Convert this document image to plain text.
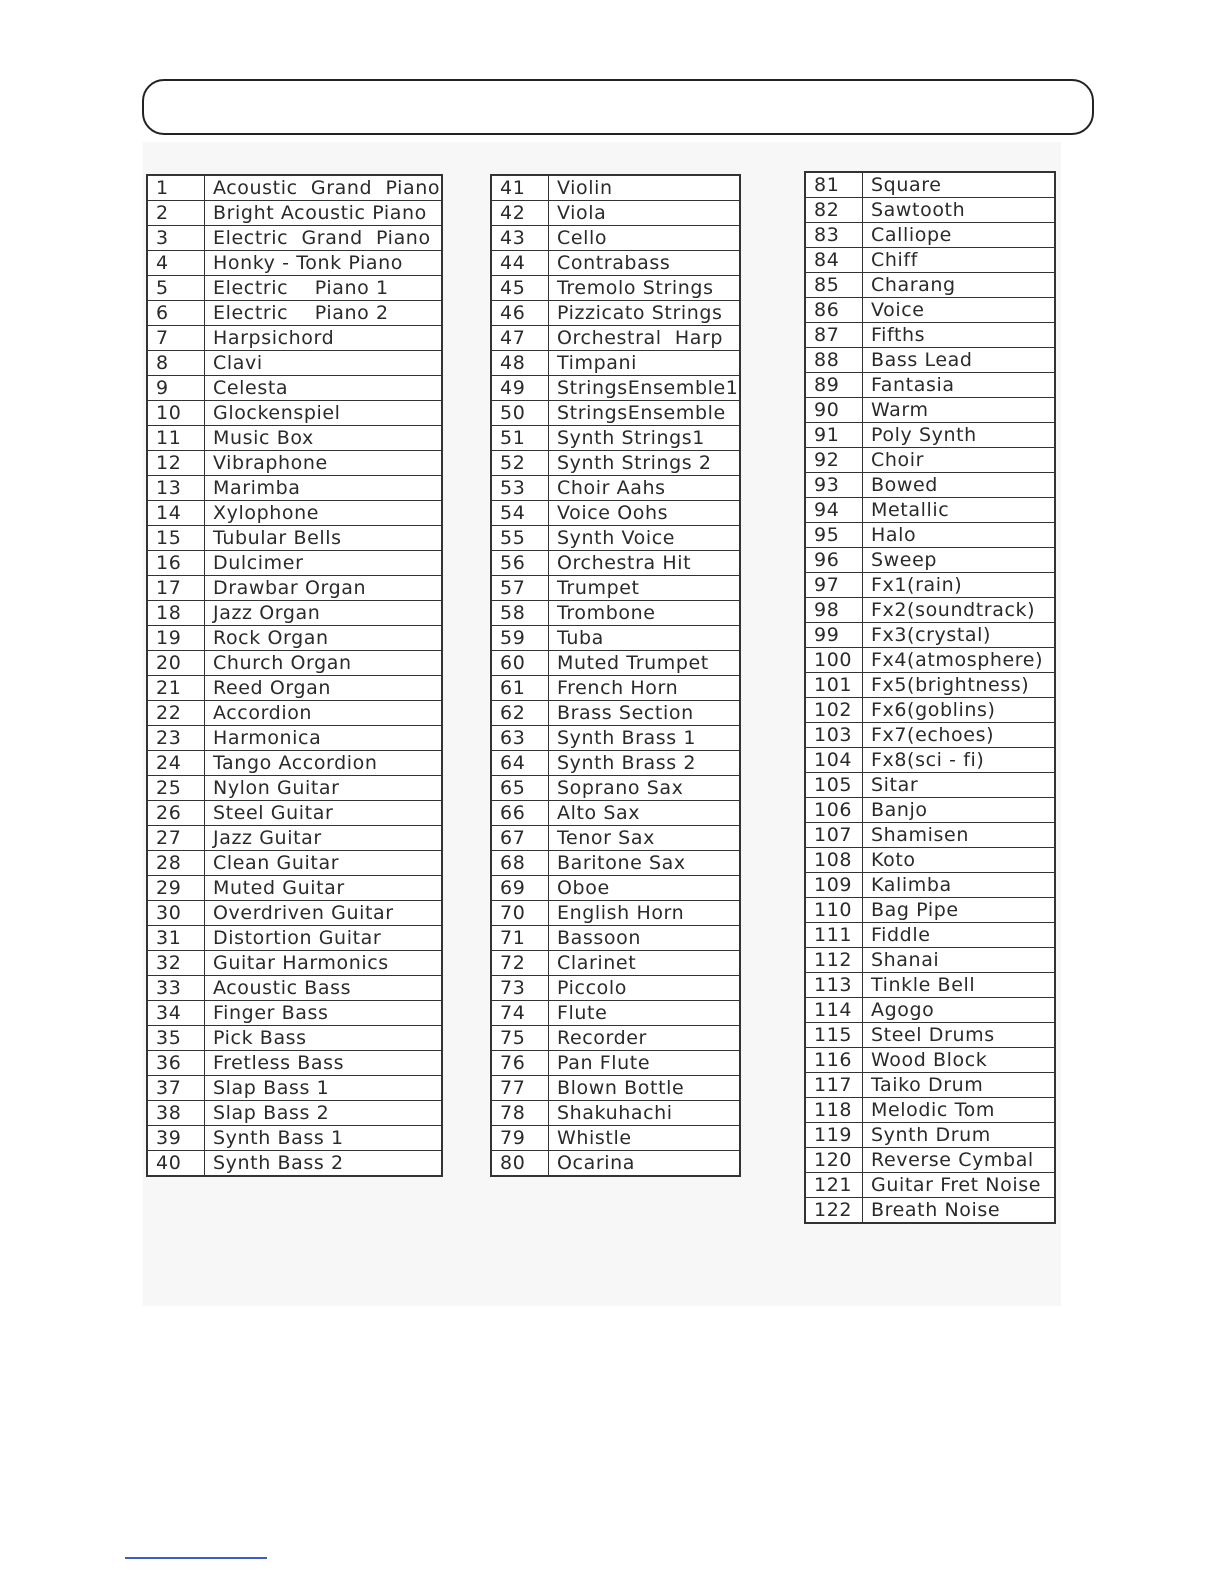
1	Acoustic  Grand  Piano
2	Bright Acoustic Piano
3	Electric  Grand  Piano
4	Honky - Tonk Piano
5	Electric    Piano 1
6	Electric    Piano 2
7	Harpsichord
8	Clavi
9	Celesta
10	Glockenspiel
11	Music Box
12	Vibraphone
13	Marimba
14	Xylophone
15	Tubular Bells
16	Dulcimer
17	Drawbar Organ
18	Jazz Organ
19	Rock Organ
20	Church Organ
21	Reed Organ
22	Accordion
23	Harmonica
24	Tango Accordion
25	Nylon Guitar
26	Steel Guitar
27	Jazz Guitar
28	Clean Guitar
29	Muted Guitar
30	Overdriven Guitar
31	Distortion Guitar
32	Guitar Harmonics
33	Acoustic Bass
34	Finger Bass
35	Pick Bass
36	Fretless Bass
37	Slap Bass 1
38	Slap Bass 2
39	Synth Bass 1
40	Synth Bass 2
41	Violin
42	Viola
43	Cello
44	Contrabass
45	Tremolo Strings
46	Pizzicato Strings
47	Orchestral  Harp
48	Timpani
49	StringsEnsemble1
50	StringsEnsemble
51	Synth Strings1
52	Synth Strings 2
53	Choir Aahs
54	Voice Oohs
55	Synth Voice
56	Orchestra Hit
57	Trumpet
58	Trombone
59	Tuba
60	Muted Trumpet
61	French Horn
62	Brass Section
63	Synth Brass 1
64	Synth Brass 2
65	Soprano Sax
66	Alto Sax
67	Tenor Sax
68	Baritone Sax
69	Oboe
70	English Horn
71	Bassoon
72	Clarinet
73	Piccolo
74	Flute
75	Recorder
76	Pan Flute
77	Blown Bottle
78	Shakuhachi
79	Whistle
80	Ocarina
81	Square
82	Sawtooth
83	Calliope
84	Chiff
85	Charang
86	Voice
87	Fifths
88	Bass Lead
89	Fantasia
90	Warm
91	Poly Synth
92	Choir
93	Bowed
94	Metallic
95	Halo
96	Sweep
97	Fx1(rain)
98	Fx2(soundtrack)
99	Fx3(crystal)
100	Fx4(atmosphere)
101	Fx5(brightness)
102	Fx6(goblins)
103	Fx7(echoes)
104	Fx8(sci - fi)
105	Sitar
106	Banjo
107	Shamisen
108	Koto
109	Kalimba
110	Bag Pipe
111	Fiddle
112	Shanai
113	Tinkle Bell
114	Agogo
115	Steel Drums
116	Wood Block
117	Taiko Drum
118	Melodic Tom
119	Synth Drum
120	Reverse Cymbal
121	Guitar Fret Noise
122	Breath Noise
